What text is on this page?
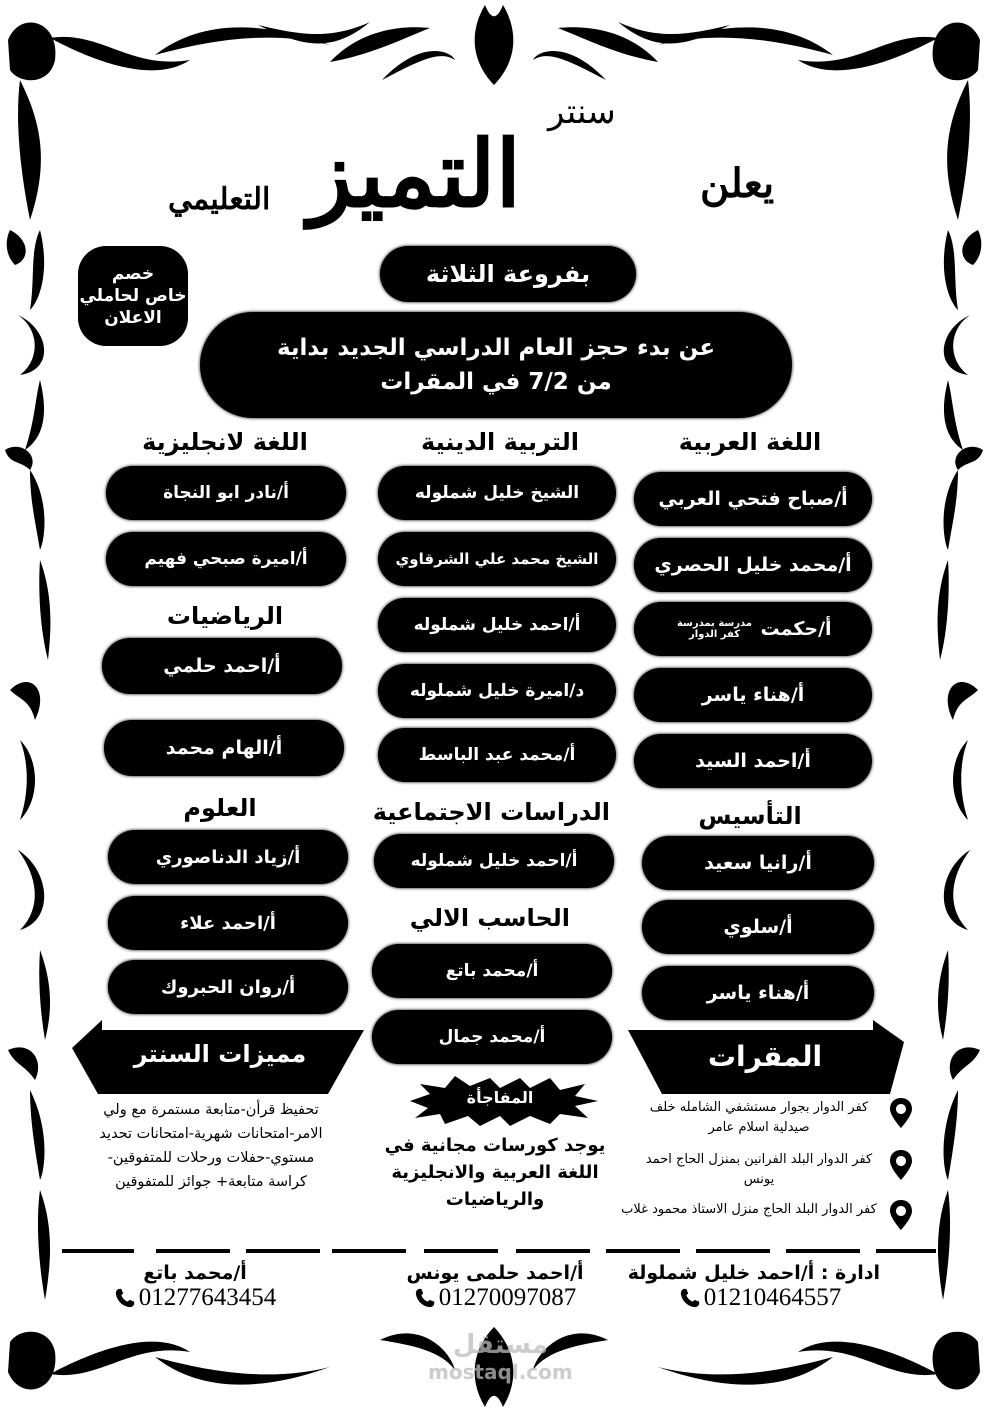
سنتر
يعلن
التميز
التعليمي
خصم
خاص لحاملي
الاعلان
بفروعة الثلاثة
عن بدء حجز العام الدراسي الجديد بداية
من 7/2 في المقرات
اللغة العربية
أ/صباح فتحي العربي
أ/محمد خليل الحصري
أ/حكمت
مدرسة بمدرسة كفر الدوار
أ/هناء ياسر
أ/احمد السيد
التأسيس
أ/رانيا سعيد
أ/سلوي
أ/هناء ياسر
التربية الدينية
الشيخ خليل شملوله
الشيخ محمد علي الشرقاوي
أ/احمد خليل شملوله
د/اميرة خليل شملوله
أ/محمد عبد الباسط
الدراسات الاجتماعية
أ/احمد خليل شملوله
الحاسب الالي
أ/محمد باتع
أ/محمد جمال
اللغة لانجليزية
أ/نادر ابو النجاة
أ/اميرة صبحي فهيم
الرياضيات
أ/احمد حلمي
أ/الهام محمد
العلوم
أ/زياد الدناصوري
أ/احمد علاء
أ/روان الحبروك
المقرات
كفر الدوار بجوار مستشفي الشامله خلف صيدلية اسلام عامر
كفر الدوار البلد الفرانين بمنزل الحاج احمد يونس
كفر الدوار البلد الحاج منزل الاستاذ محمود غلاب
مميزات السنتر
تحفيظ قرأن-متابعة مستمرة مع ولي الامر-امتحانات شهرية-امتحانات تحديد مستوي-حفلات ورحلات للمتفوقين-كراسة متابعة+ جوائز للمتفوقين
المفاجأة
يوجد كورسات مجانية في اللغة العربية والانجليزية والرياضيات
ادارة : أ/احمد خليل شملولة
01210464557
أ/احمد حلمى يونس
01270097087
أ/محمد باتع
01277643454
مستقل
mostaql.com
